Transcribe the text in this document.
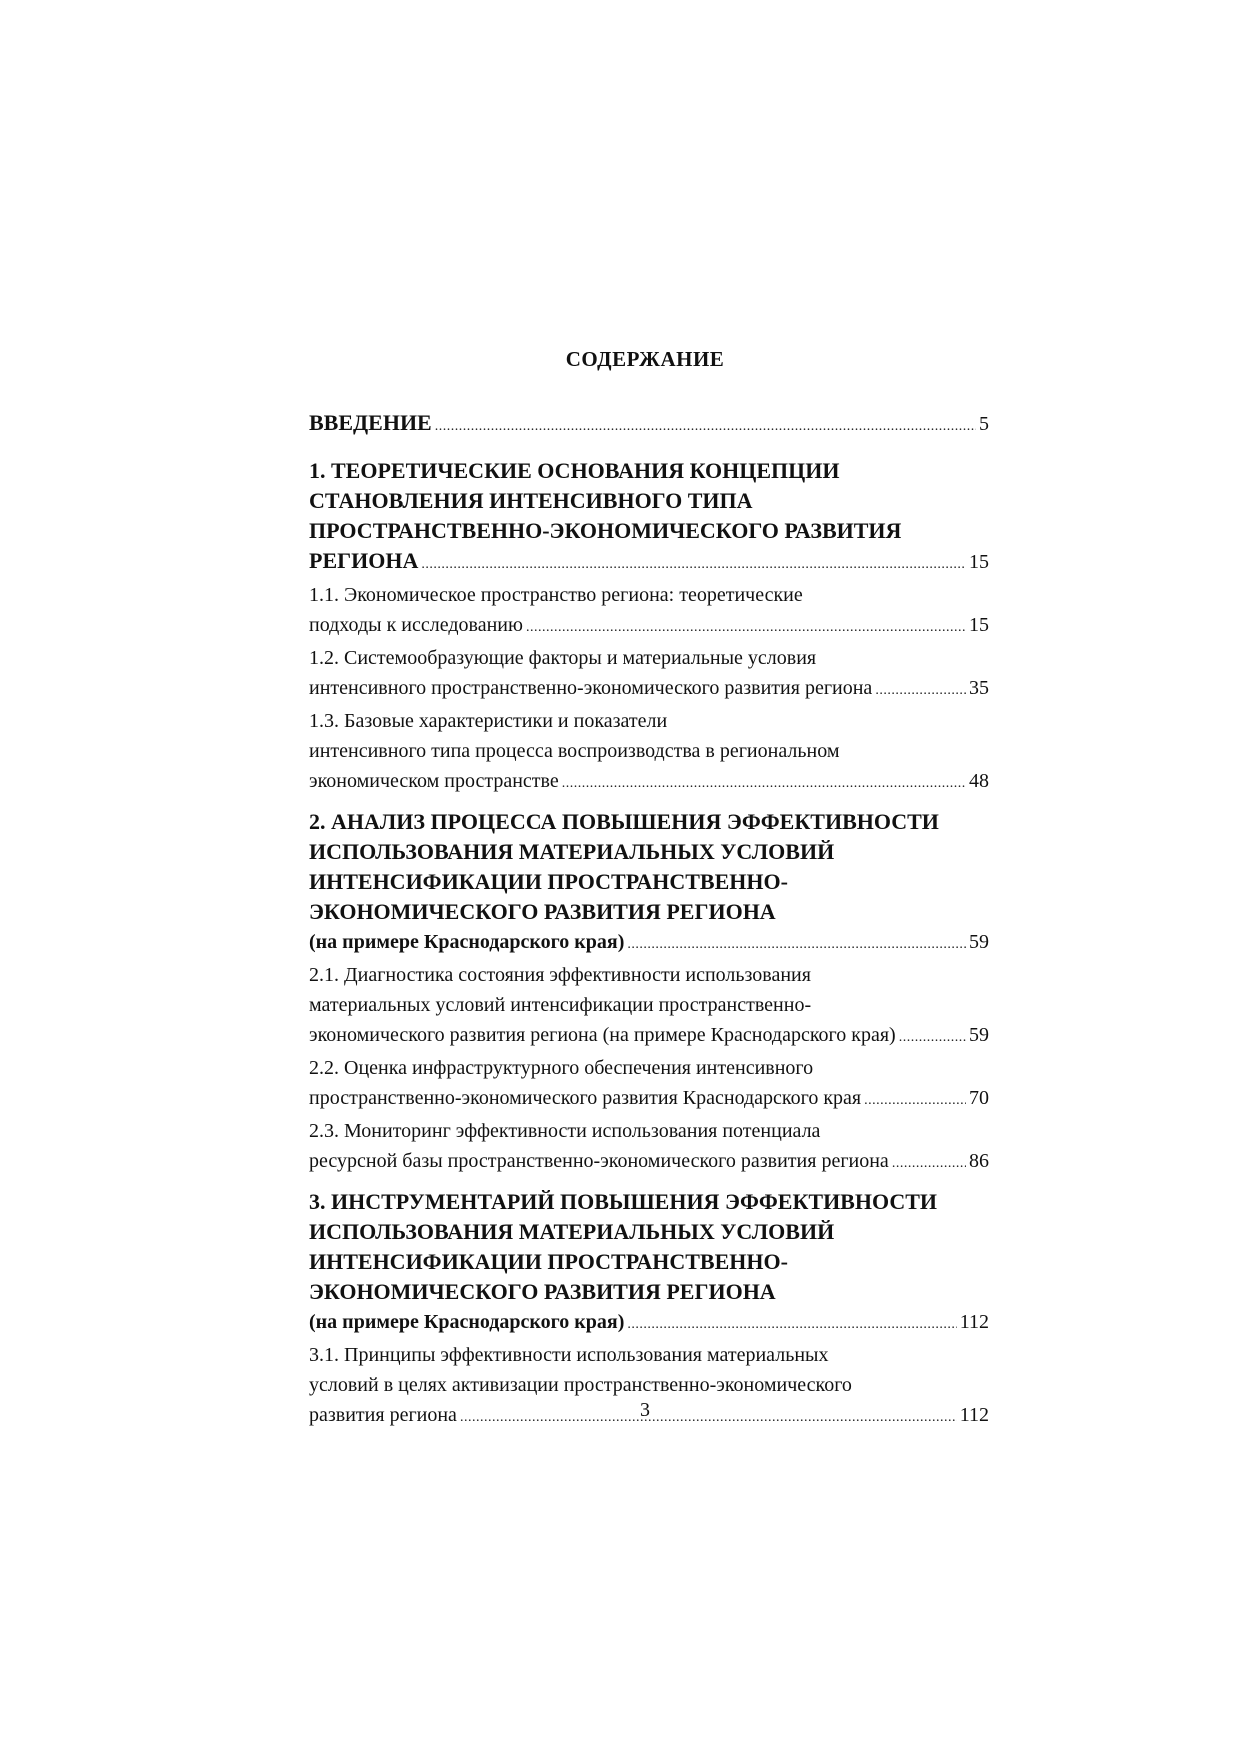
СОДЕРЖАНИЕ
ВВЕДЕНИЕ . . .	5
1. ТЕОРЕТИЧЕСКИЕ ОСНОВАНИЯ КОНЦЕПЦИИ
СТАНОВЛЕНИЯ ИНТЕНСИВНОГО ТИПА
ПРОСТРАНСТВЕННО-ЭКОНОМИЧЕСКОГО РАЗВИТИЯ
РЕГИОНА . . .	15
1.1. Экономическое пространство региона: теоретические
подходы к исследованию . . .	15
1.2. Системообразующие факторы и материальные условия
интенсивного пространственно-экономического развития региона . . .	35
1.3. Базовые характеристики и показатели
интенсивного типа процесса воспроизводства в региональном
экономическом пространстве . . .	48
2. АНАЛИЗ ПРОЦЕССА ПОВЫШЕНИЯ ЭФФЕКТИВНОСТИ
ИСПОЛЬЗОВАНИЯ МАТЕРИАЛЬНЫХ УСЛОВИЙ
ИНТЕНСИФИКАЦИИ ПРОСТРАНСТВЕННО-
ЭКОНОМИЧЕСКОГО РАЗВИТИЯ РЕГИОНА
(на примере Краснодарского края) . . .	59
2.1. Диагностика состояния эффективности использования
материальных условий интенсификации пространственно-
экономического развития региона (на примере Краснодарского края) . . .	59
2.2. Оценка инфраструктурного обеспечения интенсивного
пространственно-экономического развития Краснодарского края . . .	70
2.3. Мониторинг эффективности использования потенциала
ресурсной базы пространственно-экономического развития региона . . .	86
3. ИНСТРУМЕНТАРИЙ ПОВЫШЕНИЯ ЭФФЕКТИВНОСТИ
ИСПОЛЬЗОВАНИЯ МАТЕРИАЛЬНЫХ УСЛОВИЙ
ИНТЕНСИФИКАЦИИ ПРОСТРАНСТВЕННО-
ЭКОНОМИЧЕСКОГО РАЗВИТИЯ РЕГИОНА
(на примере Краснодарского края) . . .	112
3.1. Принципы эффективности использования материальных
условий в целях активизации пространственно-экономического
развития региона . . .	112
3
